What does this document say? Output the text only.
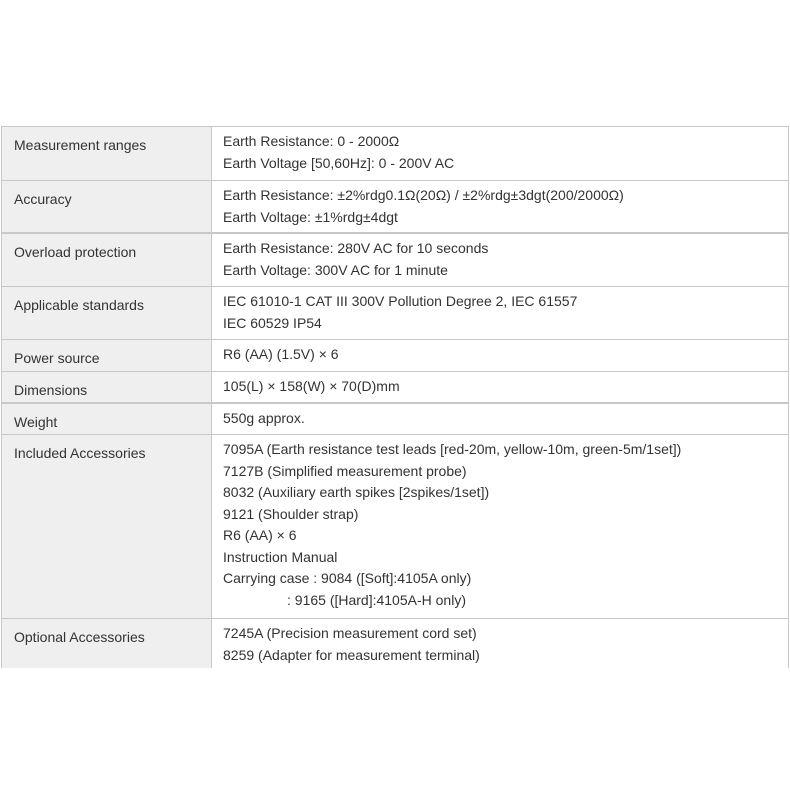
Measurement ranges	Earth Resistance: 0 - 2000Ω
Earth Voltage [50,60Hz]: 0 - 200V AC
Accuracy	Earth Resistance: ±2%rdg0.1Ω(20Ω) / ±2%rdg±3dgt(200/2000Ω)
Earth Voltage: ±1%rdg±4dgt
Overload protection	Earth Resistance: 280V AC for 10 seconds
Earth Voltage: 300V AC for 1 minute
Applicable standards	IEC 61010-1 CAT III 300V Pollution Degree 2, IEC 61557
IEC 60529 IP54
Power source	R6 (AA) (1.5V) × 6
Dimensions	105(L) × 158(W) × 70(D)mm
Weight	550g approx.
Included Accessories	7095A (Earth resistance test leads [red-20m, yellow-10m, green-5m/1set])
7127B (Simplified measurement probe)
8032 (Auxiliary earth spikes [2spikes/1set])
9121 (Shoulder strap)
R6 (AA) × 6
Instruction Manual
Carrying case : 9084 ([Soft]:4105A only)
: 9165 ([Hard]:4105A-H only)
Optional Accessories	7245A (Precision measurement cord set)
8259 (Adapter for measurement terminal)
